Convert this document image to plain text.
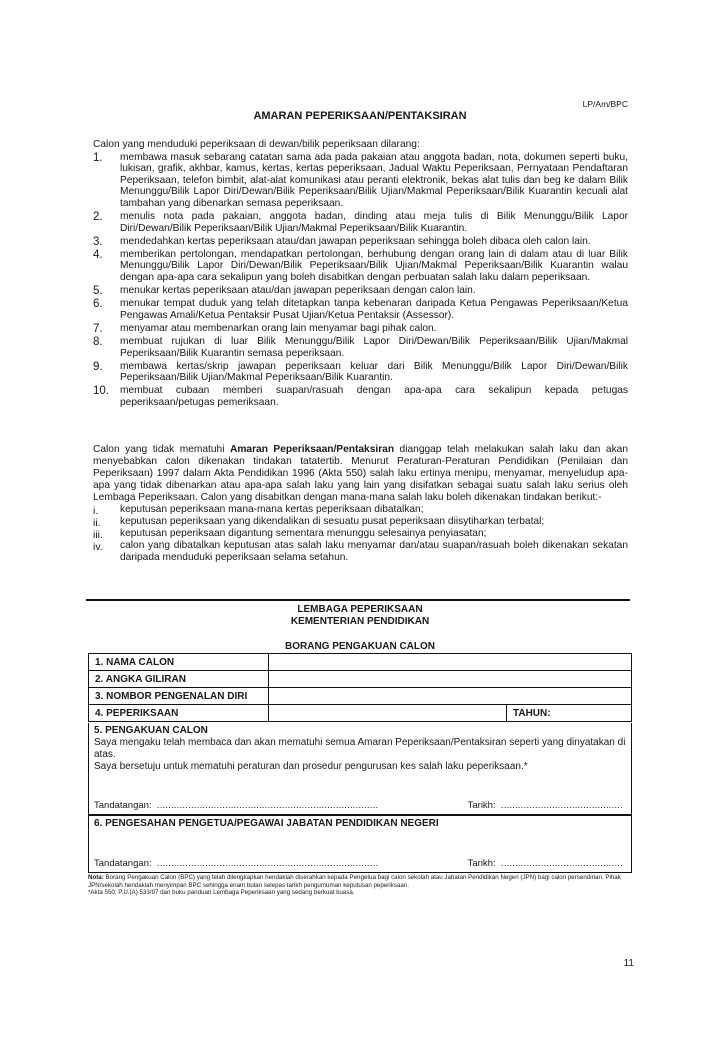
LP/Am/BPC
AMARAN PEPERIKSAAN/PENTAKSIRAN
Calon yang menduduki peperiksaan di dewan/bilik peperiksaan dilarang:
1. membawa masuk sebarang catatan sama ada pada pakaian atau anggota badan, nota, dokumen seperti buku, lukisan, grafik, akhbar, kamus, kertas, kertas peperiksaan, Jadual Waktu Peperiksaan, Pernyataan Pendaftaran Peperiksaan, telefon bimbit, alat-alat komunikasi atau peranti elektronik, bekas alat tulis dan beg ke dalam Bilik Menunggu/Bilik Lapor Diri/Dewan/Bilik Peperiksaan/Bilik Ujian/Makmal Peperiksaan/Bilik Kuarantin kecuali alat tambahan yang dibenarkan semasa peperiksaan.
2. menulis nota pada pakaian, anggota badan, dinding atau meja tulis di Bilik Menunggu/Bilik Lapor Diri/Dewan/Bilik Peperiksaan/Bilik Ujian/Makmal Peperiksaan/Bilik Kuarantin.
3. mendedahkan kertas peperiksaan atau/dan jawapan peperiksaan sehingga boleh dibaca oleh calon lain.
4. memberikan pertolongan, mendapatkan pertolongan, berhubung dengan orang lain di dalam atau di luar Bilik Menunggu/Bilik Lapor Diri/Dewan/Bilik Peperiksaan/Bilik Ujian/Makmal Peperiksaan/Bilik Kuarantin walau dengan apa-apa cara sekalipun yang boleh disabitkan dengan perbuatan salah laku dalam peperiksaan.
5. menukar kertas peperiksaan atau/dan jawapan peperiksaan dengan calon lain.
6. menukar tempat duduk yang telah ditetapkan tanpa kebenaran daripada Ketua Pengawas Peperiksaan/Ketua Pengawas Amali/Ketua Pentaksir Pusat Ujian/Ketua Pentaksir (Assessor).
7. menyamar atau membenarkan orang lain menyamar bagi pihak calon.
8. membuat rujukan di luar Bilik Menunggu/Bilik Lapor Diri/Dewan/Bilik Peperiksaan/Bilik Ujian/Makmal Peperiksaan/Bilik Kuarantin semasa peperiksaan.
9. membawa kertas/skrip jawapan peperiksaan keluar dari Bilik Menunggu/Bilik Lapor Diri/Dewan/Bilik Peperiksaan/Bilik Ujian/Makmal Peperiksaan/Bilik Kuarantin.
10. membuat cubaan memberi suapan/rasuah dengan apa-apa cara sekalipun kepada petugas peperiksaan/petugas pemeriksaan.

Calon yang tidak mematuhi Amaran Peperiksaan/Pentaksiran dianggap telah melakukan salah laku dan akan menyebabkan calon dikenakan tindakan tatatertib. Menurut Peraturan-Peraturan Pendidikan (Penilaian dan Peperiksaan) 1997 dalam Akta Pendidikan 1996 (Akta 550) salah laku ertinya menipu, menyamar, menyeludup apa-apa yang tidak dibenarkan atau apa-apa salah laku yang lain yang disifatkan sebagai suatu salah laku serius oleh Lembaga Peperiksaan. Calon yang disabitkan dengan mana-mana salah laku boleh dikenakan tindakan berikut:-

i. keputusan peperiksaan mana-mana kertas peperiksaan dibatalkan;
ii. keputusan peperiksaan yang dikendalikan di sesuatu pusat peperiksaan diisytiharkan terbatal;
iii. keputusan peperiksaan digantung sementara menunggu selesainya penyiasatan;
iv. calon yang dibatalkan keputusan atas salah laku menyamar dan/atau suapan/rasuah boleh dikenakan sekatan daripada menduduki peperiksaan selama setahun.
LEMBAGA PEPERIKSAAN
KEMENTERIAN PENDIDIKAN
BORANG PENGAKUAN CALON
1. NAMA CALON		
2. ANGKA GILIRAN		
3. NOMBOR PENGENALAN DIRI		
4. PEPERIKSAAN		TAHUN:
5. PENGAKUAN CALON
Saya mengaku telah membaca dan akan mematuhi semua Amaran Peperiksaan/Pentaksiran seperti yang dinyatakan di atas.
Saya bersetuju untuk mematuhi peraturan dan prosedur pengurusan kes salah laku peperiksaan.*
Tandatangan: ..............................................................................	Tarikh: ...........................................
6. PENGESAHAN PENGETUA/PEGAWAI JABATAN PENDIDIKAN NEGERI
Tandatangan: ..............................................................................	Tarikh: ...........................................
Nota: Borang Pengakuan Calon (BPC) yang telah dilengkapkan hendaklah diserahkan kepada Pengetua bagi calon sekolah atau Jabatan Pendidikan Negeri (JPN) bagi calon persendirian. Pihak JPN/sekolah hendaklah menyimpan BPC sehingga enam bulan selepas tarikh pengumuman keputusan peperiksaan.
*Akta 550, P.U.(A) 533/97 dan buku panduan Lembaga Peperiksaan yang sedang berkuat kuasa.
11
